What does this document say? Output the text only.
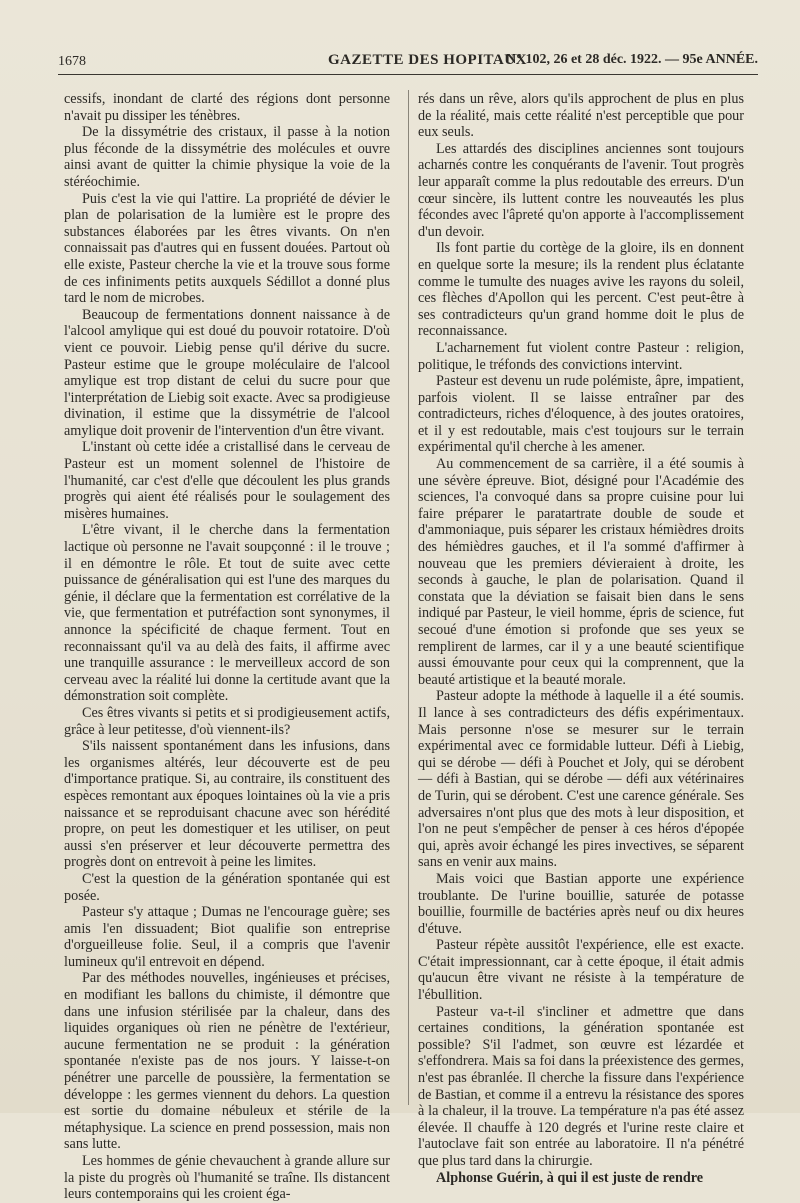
1678	GAZETTE DES HOPITAUX
N° 102, 26 et 28 déc. 1922. — 95e ANNÉE.

cessifs, inondant de clarté des régions dont personne n'avait pu dissiper les ténèbres.

De la dissymétrie des cristaux, il passe à la notion plus féconde de la dissymétrie des molécules et ouvre ainsi avant de quitter la chimie physique la voie de la stéréochimie.

Puis c'est la vie qui l'attire. La propriété de dévier le plan de polarisation de la lumière est le propre des substances élaborées par les êtres vivants. On n'en connaissait pas d'autres qui en fussent douées. Partout où elle existe, Pasteur cherche la vie et la trouve sous forme de ces infiniments petits auxquels Sédillot a donné plus tard le nom de microbes.

Beaucoup de fermentations donnent naissance à de l'alcool amylique qui est doué du pouvoir rotatoire. D'où vient ce pouvoir. Liebig pense qu'il dérive du sucre. Pasteur estime que le groupe moléculaire de l'alcool amylique est trop distant de celui du sucre pour que l'interprétation de Liebig soit exacte. Avec sa prodigieuse divination, il estime que la dissymétrie de l'alcool amylique doit provenir de l'intervention d'un être vivant.

L'instant où cette idée a cristallisé dans le cerveau de Pasteur est un moment solennel de l'histoire de l'humanité, car c'est d'elle que découlent les plus grands progrès qui aient été réalisés pour le soulagement des misères humaines.

L'être vivant, il le cherche dans la fermentation lactique où personne ne l'avait soupçonné : il le trouve ; il en démontre le rôle. Et tout de suite avec cette puissance de généralisation qui est l'une des marques du génie, il déclare que la fermentation est corrélative de la vie, que fermentation et putréfaction sont synonymes, il annonce la spécificité de chaque ferment. Tout en reconnaissant qu'il va au delà des faits, il affirme avec une tranquille assurance : le merveilleux accord de son cerveau avec la réalité lui donne la certitude avant que la démonstration soit complète.

Ces êtres vivants si petits et si prodigieusement actifs, grâce à leur petitesse, d'où viennent-ils?

S'ils naissent spontanément dans les infusions, dans les organismes altérés, leur découverte est de peu d'importance pratique. Si, au contraire, ils constituent des espèces remontant aux époques lointaines où la vie a pris naissance et se reproduisant chacune avec son hérédité propre, on peut les domestiquer et les utiliser, on peut aussi s'en préserver et leur découverte permettra des progrès dont on entrevoit à peine les limites.

C'est la question de la génération spontanée qui est posée.

Pasteur s'y attaque ; Dumas ne l'encourage guère; ses amis l'en dissuadent; Biot qualifie son entreprise d'orgueilleuse folie. Seul, il a compris que l'avenir lumineux qu'il entrevoit en dépend.

Par des méthodes nouvelles, ingénieuses et précises, en modifiant les ballons du chimiste, il démontre que dans une infusion stérilisée par la chaleur, dans des liquides organiques où rien ne pénètre de l'extérieur, aucune fermentation ne se produit : la génération spontanée n'existe pas de nos jours. Y laisse-t-on pénétrer une parcelle de poussière, la fermentation se développe : les germes viennent du dehors. La question est sortie du domaine nébuleux et stérile de la métaphysique. La science en prend possession, mais non sans lutte.

Les hommes de génie chevauchent à grande allure sur la piste du progrès où l'humanité se traîne. Ils distancent leurs contemporains qui les croient éga-

rés dans un rêve, alors qu'ils approchent de plus en plus de la réalité, mais cette réalité n'est perceptible que pour eux seuls.

Les attardés des disciplines anciennes sont toujours acharnés contre les conquérants de l'avenir. Tout progrès leur apparaît comme la plus redoutable des erreurs. D'un cœur sincère, ils luttent contre les nouveautés les plus fécondes avec l'âpreté qu'on apporte à l'accomplissement d'un devoir.

Ils font partie du cortège de la gloire, ils en donnent en quelque sorte la mesure; ils la rendent plus éclatante comme le tumulte des nuages avive les rayons du soleil, ces flèches d'Apollon qui les percent. C'est peut-être à ses contradicteurs qu'un grand homme doit le plus de reconnaissance.

L'acharnement fut violent contre Pasteur : religion, politique, le tréfonds des convictions intervint.

Pasteur est devenu un rude polémiste, âpre, impatient, parfois violent. Il se laisse entraîner par des contradicteurs, riches d'éloquence, à des joutes oratoires, et il y est redoutable, mais c'est toujours sur le terrain expérimental qu'il cherche à les amener.

Au commencement de sa carrière, il a été soumis à une sévère épreuve. Biot, désigné pour l'Académie des sciences, l'a convoqué dans sa propre cuisine pour lui faire préparer le paratartrate double de soude et d'ammoniaque, puis séparer les cristaux hémièdres droits des hémièdres gauches, et il l'a sommé d'affirmer à nouveau que les premiers dévieraient à droite, les seconds à gauche, le plan de polarisation. Quand il constata que la déviation se faisait bien dans le sens indiqué par Pasteur, le vieil homme, épris de science, fut secoué d'une émotion si profonde que ses yeux se remplirent de larmes, car il y a une beauté scientifique aussi émouvante pour ceux qui la comprennent, que la beauté artistique et la beauté morale.

Pasteur adopte la méthode à laquelle il a été soumis. Il lance à ses contradicteurs des défis expérimentaux. Mais personne n'ose se mesurer sur le terrain expérimental avec ce formidable lutteur. Défi à Liebig, qui se dérobe — défi à Pouchet et Joly, qui se dérobent — défi à Bastian, qui se dérobe — défi aux vétérinaires de Turin, qui se dérobent. C'est une carence générale. Ses adversaires n'ont plus que des mots à leur disposition, et l'on ne peut s'empêcher de penser à ces héros d'épopée qui, après avoir échangé les pires invectives, se séparent sans en venir aux mains.

Mais voici que Bastian apporte une expérience troublante. De l'urine bouillie, saturée de potasse bouillie, fourmille de bactéries après neuf ou dix heures d'étuve.

Pasteur répète aussitôt l'expérience, elle est exacte. C'était impressionnant, car à cette époque, il était admis qu'aucun être vivant ne résiste à la température de l'ébullition.

Pasteur va-t-il s'incliner et admettre que dans certaines conditions, la génération spontanée est possible? S'il l'admet, son œuvre est lézardée et s'effondrera. Mais sa foi dans la préexistence des germes, n'est pas ébranlée. Il cherche la fissure dans l'expérience de Bastian, et comme il a entrevu la résistance des spores à la chaleur, il la trouve. La température n'a pas été assez élevée. Il chauffe à 120 degrés et l'urine reste claire et l'autoclave fait son entrée au laboratoire. Il n'a pénétré que plus tard dans la chirurgie.

Alphonse Guérin, à qui il est juste de rendre
